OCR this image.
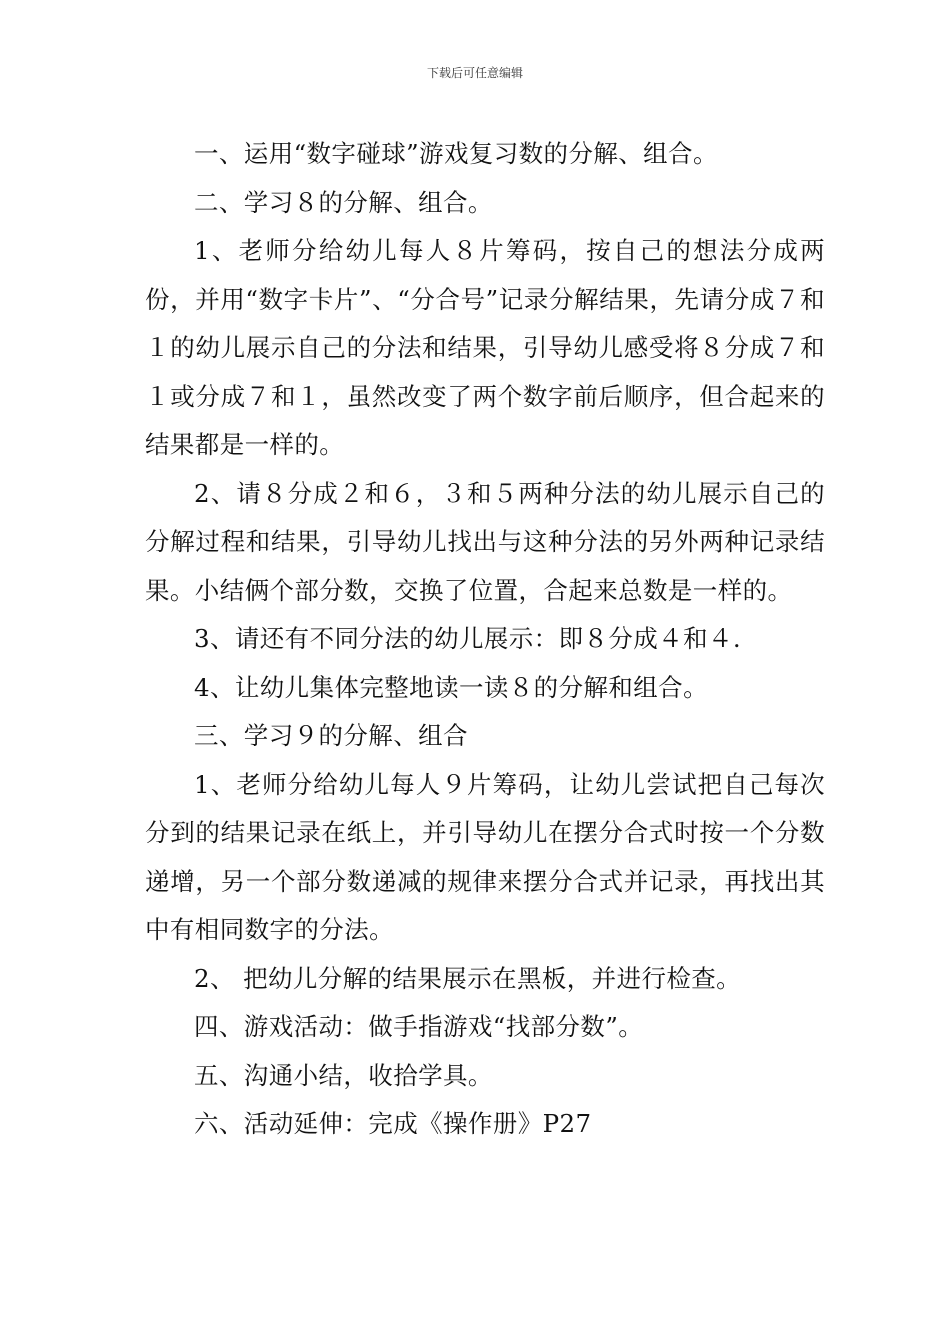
下载后可任意编辑

一、运用“数字碰球”游戏复习数的分解、组合。

二、学习８的分解、组合。

1、老师分给幼儿每人８片筹码，按自己的想法分成两份，并用“数字卡片”、“分合号”记录分解结果，先请分成７和１的幼儿展示自己的分法和结果，引导幼儿感受将８分成７和１或分成７和１，虽然改变了两个数字前后顺序，但合起来的结果都是一样的。

2、请８分成２和６，３和５两种分法的幼儿展示自己的分解过程和结果，引导幼儿找出与这种分法的另外两种记录结果。小结俩个部分数，交换了位置，合起来总数是一样的。

3、请还有不同分法的幼儿展示：即８分成４和４.

4、让幼儿集体完整地读一读８的分解和组合。

三、学习９的分解、组合

1、老师分给幼儿每人９片筹码，让幼儿尝试把自己每次分到的结果记录在纸上，并引导幼儿在摆分合式时按一个分数 递增，另一个部分数递减的规律来摆分合式并记录，再找出其中有相同数字的分法。

2、 把幼儿分解的结果展示在黑板，并进行检查。

四、游戏活动：做手指游戏“找部分数”。

五、沟通小结，收拾学具。

六、活动延伸：完成《操作册》P27
